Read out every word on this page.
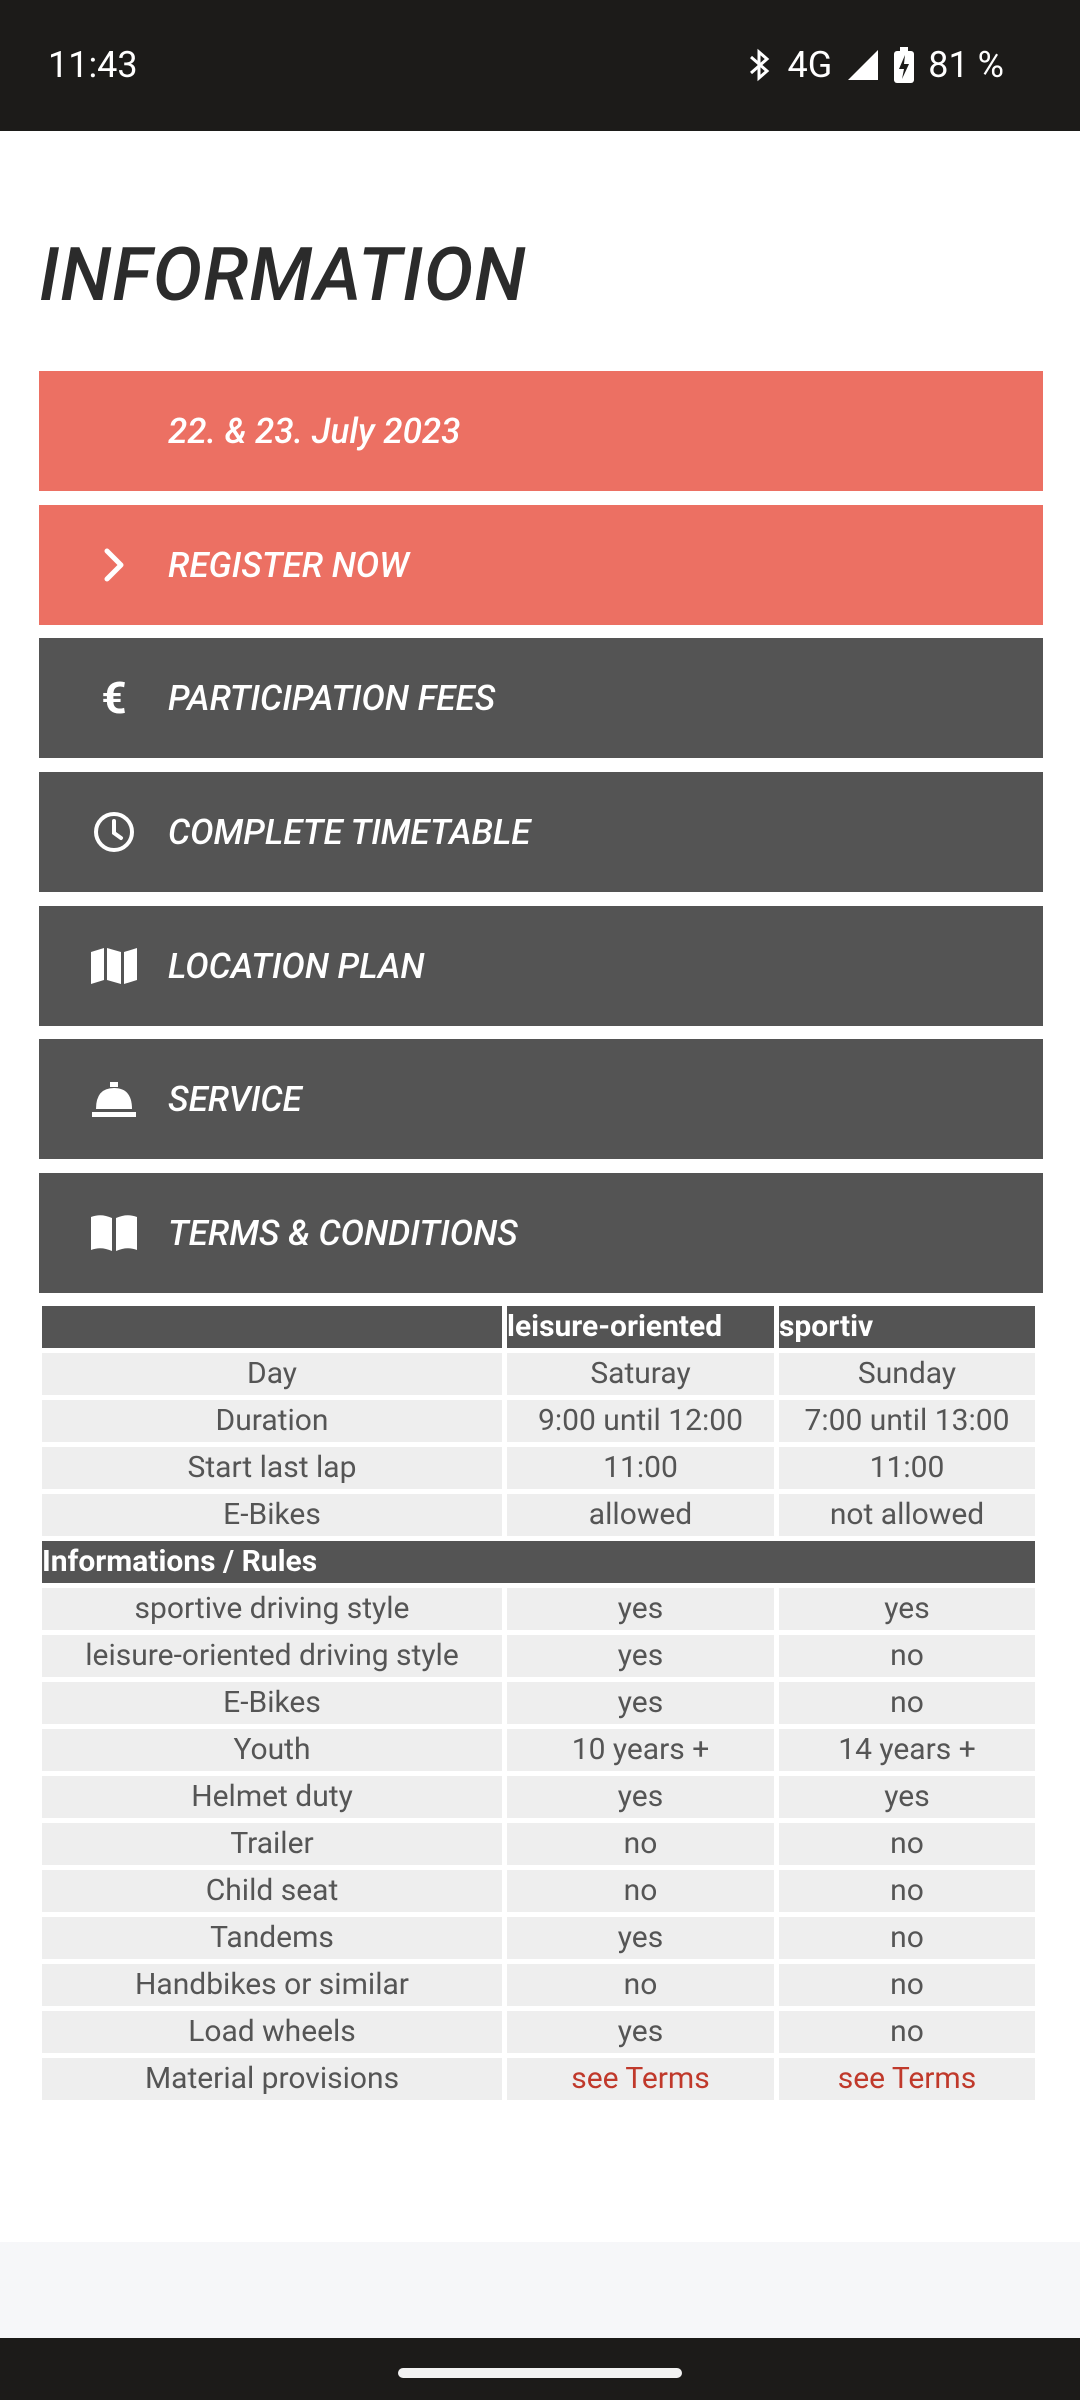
11:43	4G	81 %
INFORMATION
22. & 23. July 2023
REGISTER NOW
€	PARTICIPATION FEES
COMPLETE TIMETABLE
LOCATION PLAN
SERVICE
TERMS & CONDITIONS
	leisure-oriented	sportiv
Day	Saturay	Sunday
Duration	9:00 until 12:00	7:00 until 13:00
Start last lap	11:00	11:00
E-Bikes	allowed	not allowed
Informations / Rules		
sportive driving style	yes	yes
leisure-oriented driving style	yes	no
E-Bikes	yes	no
Youth	10 years +	14 years +
Helmet duty	yes	yes
Trailer	no	no
Child seat	no	no
Tandems	yes	no
Handbikes or similar	no	no
Load wheels	yes	no
Material provisions	see Terms	see Terms
